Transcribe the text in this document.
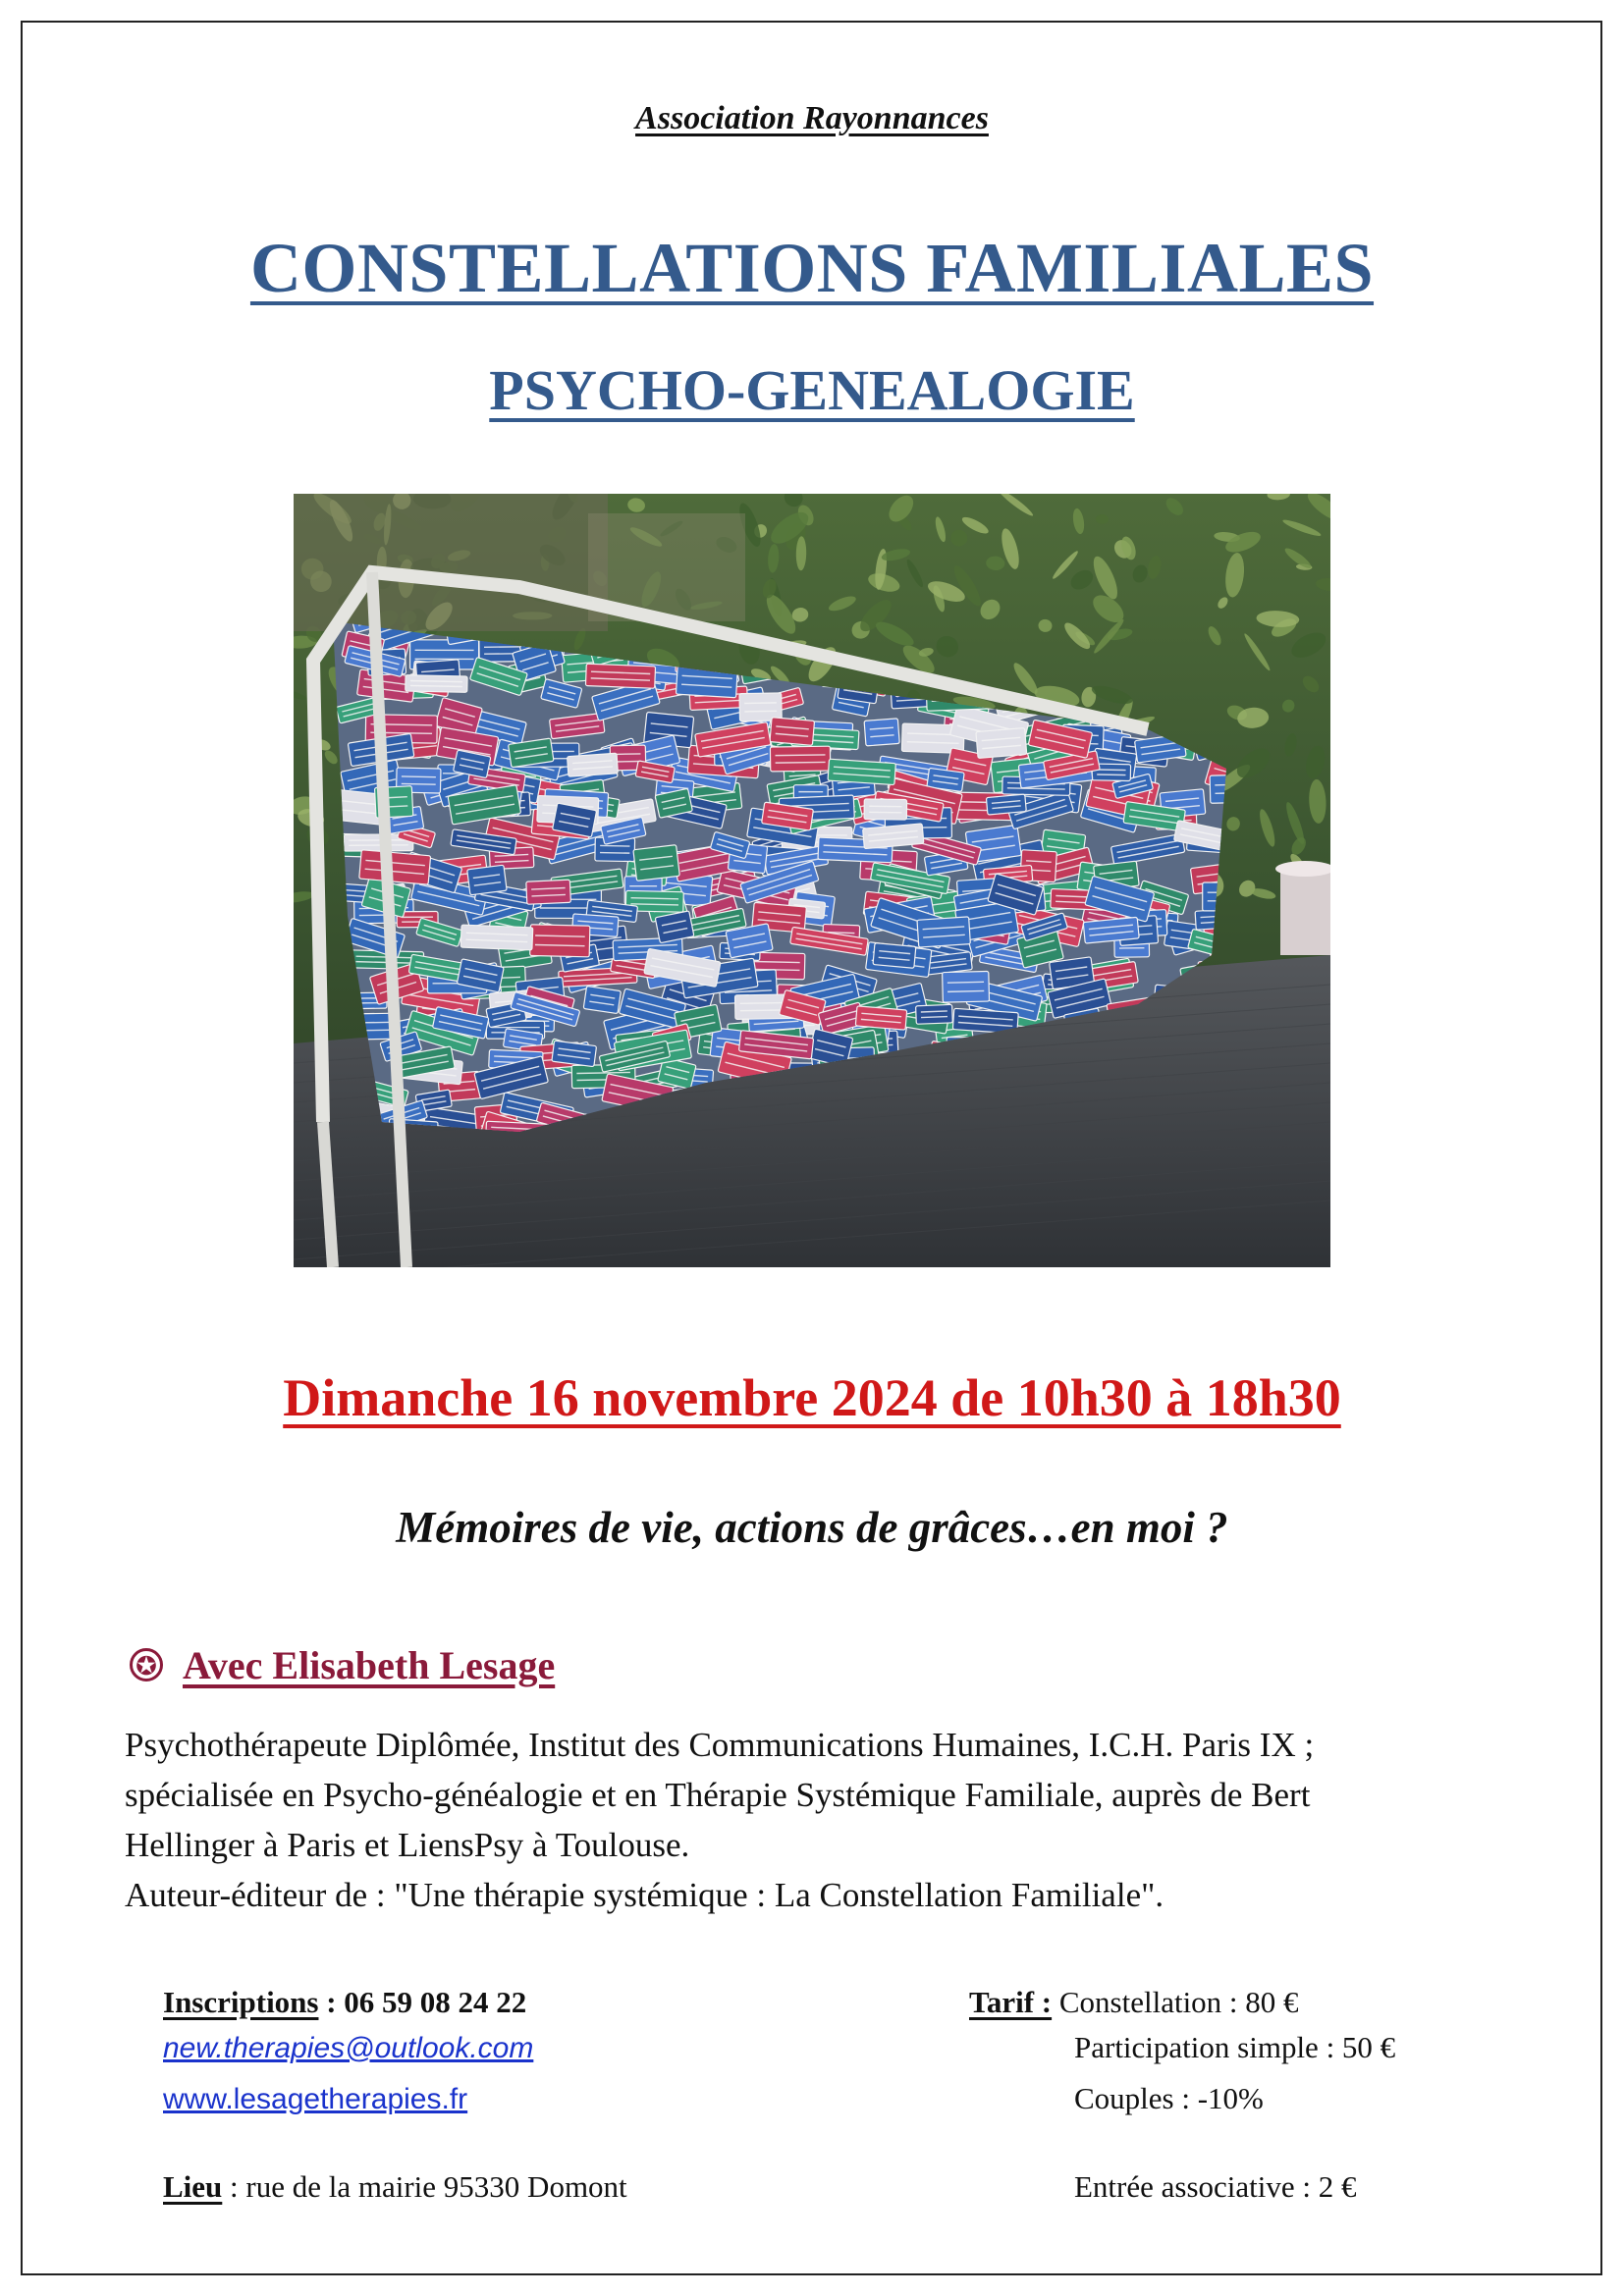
Association Rayonnances
CONSTELLATIONS FAMILIALES
PSYCHO-GENEALOGIE
Dimanche 16 novembre 2024 de 10h30 à 18h30
Mémoires de vie, actions de grâces…en moi ?
✪ Avec Elisabeth Lesage
Psychothérapeute Diplômée, Institut des Communications Humaines, I.C.H. Paris IX ;
spécialisée en Psycho-généalogie et en Thérapie Systémique Familiale, auprès de Bert
Hellinger à Paris et LiensPsy à Toulouse.
Auteur-éditeur de : "Une thérapie systémique : La Constellation Familiale".
Inscriptions : 06 59 08 24 22
new.therapies@outlook.com
www.lesagetherapies.fr
Lieu : rue de la mairie 95330 Domont
Tarif : Constellation : 80 €
Participation simple : 50 €
Couples : -10%
Entrée associative : 2 €
